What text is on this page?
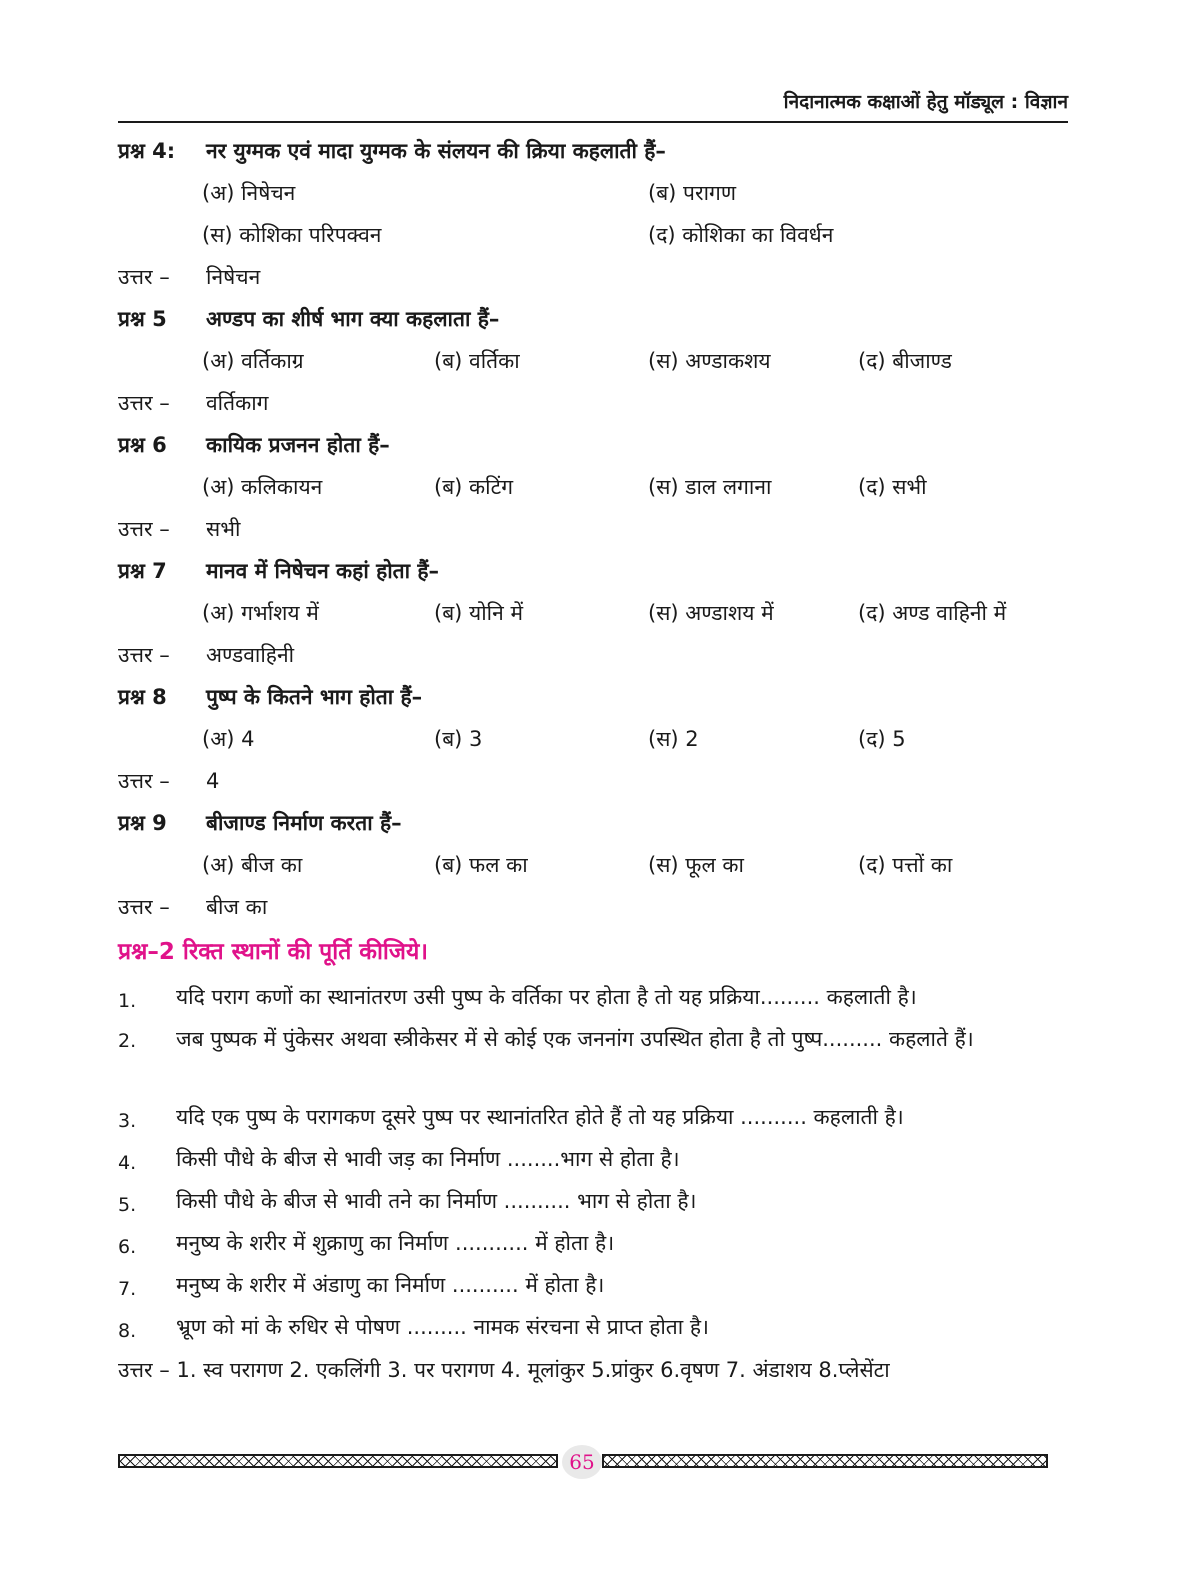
निदानात्मक कक्षाओं हेतु मॉड्यूल : विज्ञान
प्रश्न 4: नर युग्मक एवं मादा युग्मक के संलयन की क्रिया कहलाती हैं–
(अ) निषेचन	(ब) परागण
(स) कोशिका परिपक्वन	(द) कोशिका का विवर्धन
उत्तर – निषेचन
प्रश्न 5 अण्डप का शीर्ष भाग क्या कहलाता हैं–
(अ) वर्तिकाग्र	(ब) वर्तिका	(स) अण्डाकशय	(द) बीजाण्ड
उत्तर – वर्तिकाग
प्रश्न 6 कायिक प्रजनन होता हैं–
(अ) कलिकायन	(ब) कटिंग	(स) डाल लगाना	(द) सभी
उत्तर – सभी
प्रश्न 7 मानव में निषेचन कहां होता हैं–
(अ) गर्भाशय में	(ब) योनि में	(स) अण्डाशय में	(द) अण्ड वाहिनी में
उत्तर – अण्डवाहिनी
प्रश्न 8 पुष्प के कितने भाग होता हैं–
(अ) 4	(ब) 3	(स) 2	(द) 5
उत्तर – 4
प्रश्न 9 बीजाण्ड निर्माण करता हैं–
(अ) बीज का	(ब) फल का	(स) फूल का	(द) पत्तों का
उत्तर – बीज का
प्रश्न–2 रिक्त स्थानों की पूर्ति कीजिये।
1.	यदि पराग कणों का स्थानांतरण उसी पुष्प के वर्तिका पर होता है तो यह प्रक्रिया......... कहलाती है।
2.	जब पुष्पक में पुंकेसर अथवा स्त्रीकेसर में से कोई एक जननांग उपस्थित होता है तो पुष्प......... कहलाते हैं।
3.	यदि एक पुष्प के परागकण दूसरे पुष्प पर स्थानांतरित होते हैं तो यह प्रक्रिया .......... कहलाती है।
4.	किसी पौधे के बीज से भावी जड़ का निर्माण ........भाग से होता है।
5.	किसी पौधे के बीज से भावी तने का निर्माण .......... भाग से होता है।
6.	मनुष्य के शरीर में शुक्राणु का निर्माण ........... में होता है।
7.	मनुष्य के शरीर में अंडाणु का निर्माण .......... में होता है।
8.	भ्रूण को मां के रुधिर से पोषण ......... नामक संरचना से प्राप्त होता है।
उत्तर – 1. स्व परागण 2. एकलिंगी 3. पर परागण 4. मूलांकुर 5.प्रांकुर 6.वृषण 7. अंडाशय 8.प्लेसेंटा
65
